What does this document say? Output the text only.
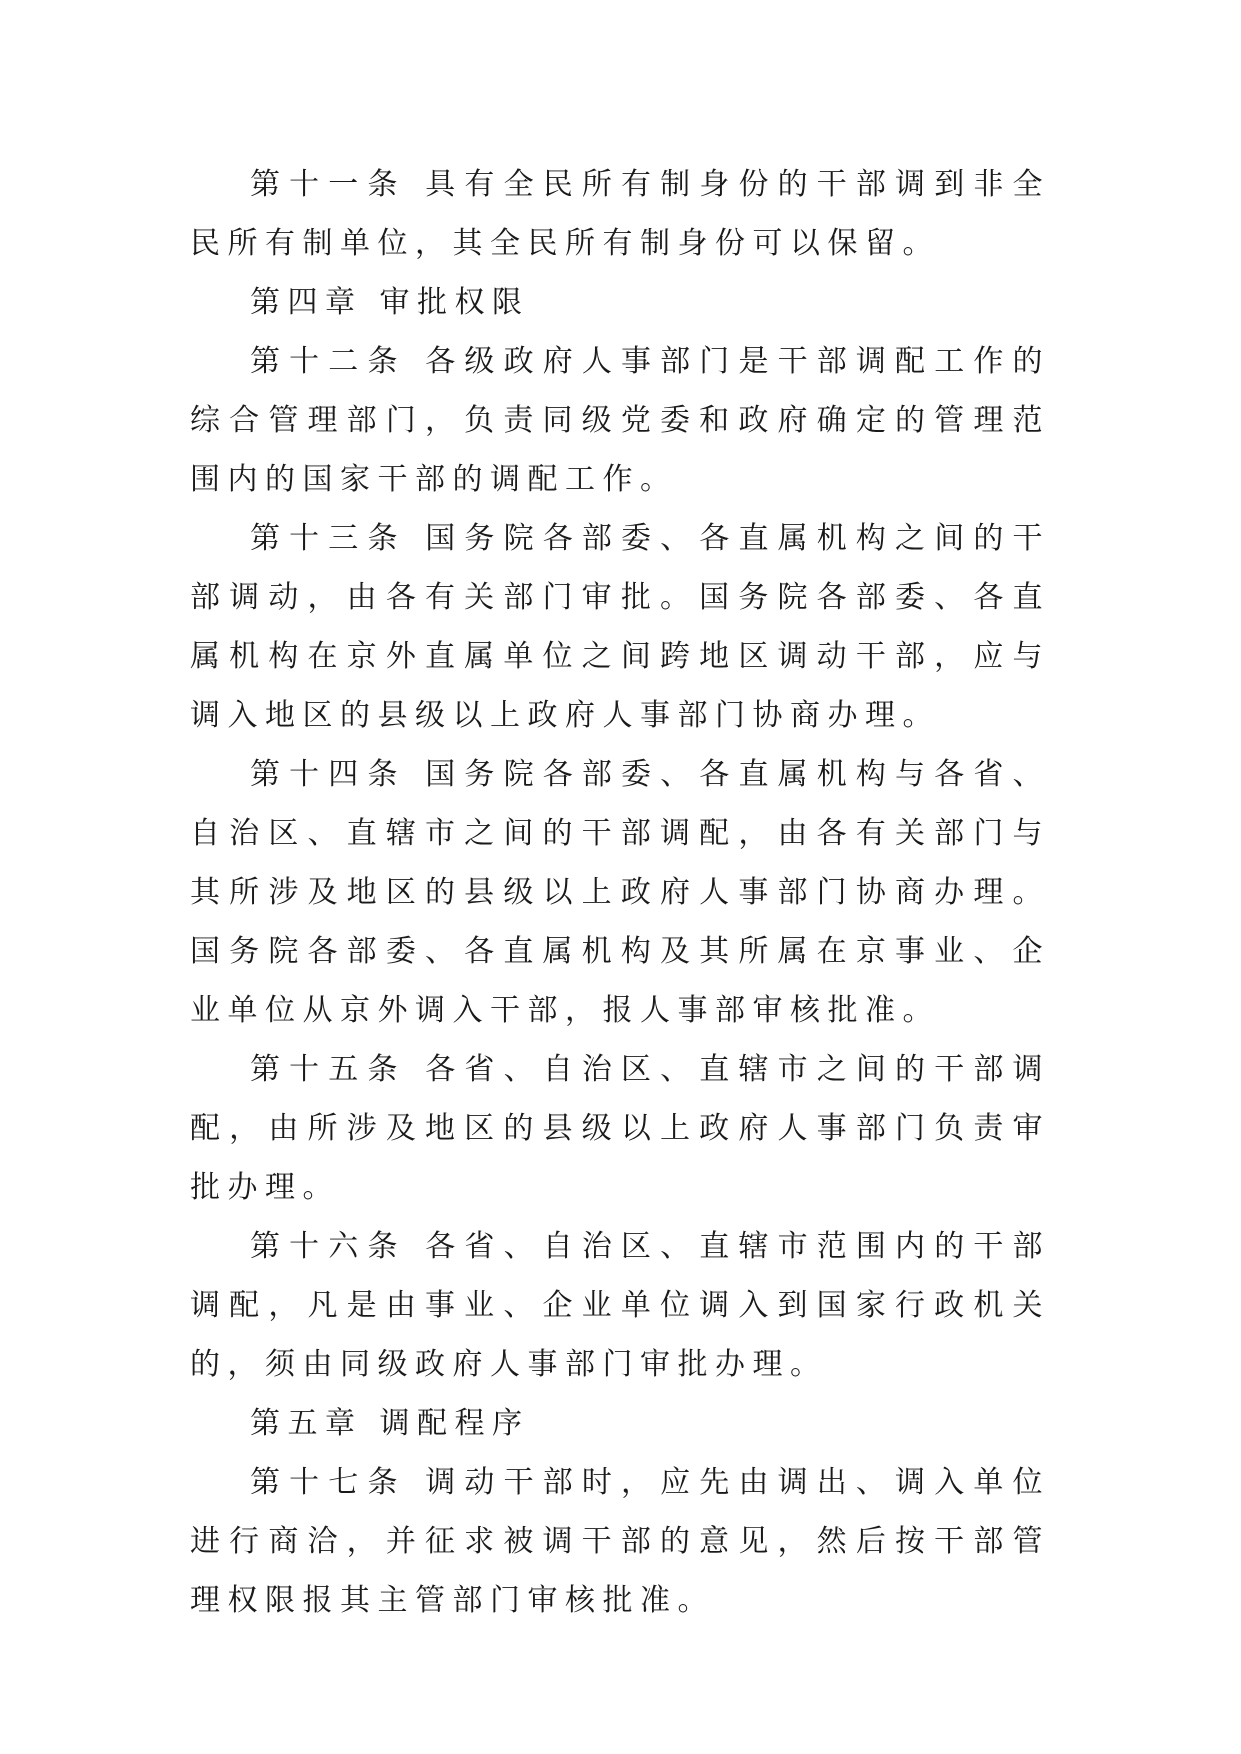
第十一条 具有全民所有制身份的干部调到非全民所有制单位，其全民所有制身份可以保留。

第四章 审批权限

第十二条 各级政府人事部门是干部调配工作的综合管理部门，负责同级党委和政府确定的管理范围内的国家干部的调配工作。

第十三条 国务院各部委、各直属机构之间的干部调动，由各有关部门审批。国务院各部委、各直属机构在京外直属单位之间跨地区调动干部，应与调入地区的县级以上政府人事部门协商办理。

第十四条 国务院各部委、各直属机构与各省、自治区、直辖市之间的干部调配，由各有关部门与其所涉及地区的县级以上政府人事部门协商办理。国务院各部委、各直属机构及其所属在京事业、企业单位从京外调入干部，报人事部审核批准。

第十五条 各省、自治区、直辖市之间的干部调配，由所涉及地区的县级以上政府人事部门负责审批办理。

第十六条 各省、自治区、直辖市范围内的干部调配，凡是由事业、企业单位调入到国家行政机关的，须由同级政府人事部门审批办理。

第五章 调配程序

第十七条 调动干部时，应先由调出、调入单位进行商洽，并征求被调干部的意见，然后按干部管理权限报其主管部门审核批准。
